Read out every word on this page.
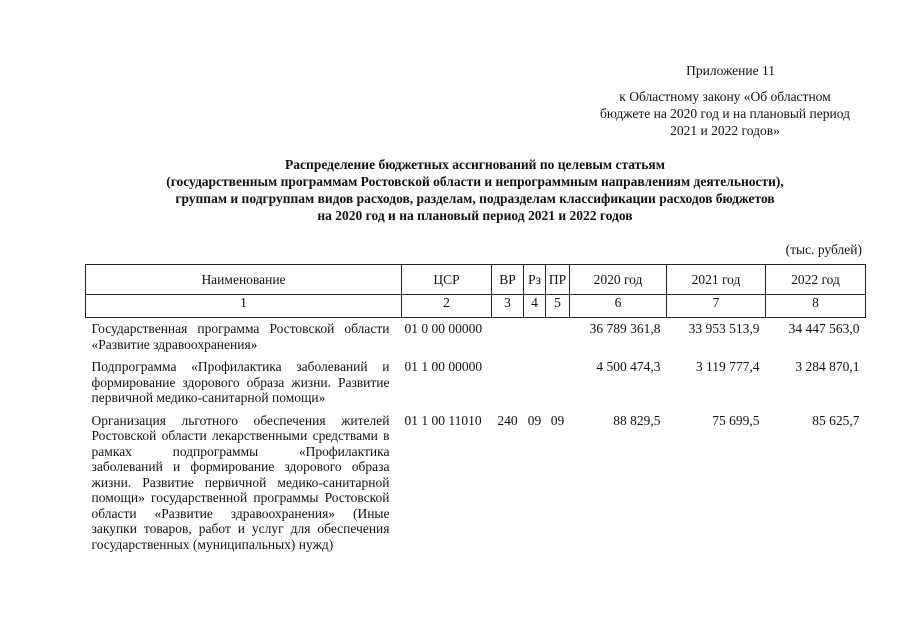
Приложение 11
к Областному закону «Об областном бюджете на 2020 год и на плановый период 2021 и 2022 годов»
Распределение бюджетных ассигнований по целевым статьям
(государственным программам Ростовской области и непрограммным направлениям деятельности),
группам и подгруппам видов расходов, разделам, подразделам классификации расходов бюджетов
на 2020 год и на плановый период 2021 и 2022 годов
(тыс. рублей)
Наименование	ЦСР	ВР	Рз	ПР	2020 год	2021 год	2022 год
1	2	3	4	5	6	7	8
Государственная программа Ростовской области «Развитие здравоохранения»	01 0 00 00000				36 789 361,8	33 953 513,9	34 447 563,0
Подпрограмма «Профилактика заболеваний и формирование здорового образа жизни. Развитие первичной медико-санитарной помощи»	01 1 00 00000				4 500 474,3	3 119 777,4	3 284 870,1
Организация льготного обеспечения жителей Ростовской области лекарственными средствами в рамках подпрограммы «Профилактика заболеваний и формирование здорового образа жизни. Развитие первичной медико-санитарной помощи» государственной программы Ростовской области «Развитие здравоохранения» (Иные закупки товаров, работ и услуг для обеспечения государственных (муниципальных) нужд)	01 1 00 11010	240	09	09	88 829,5	75 699,5	85 625,7
